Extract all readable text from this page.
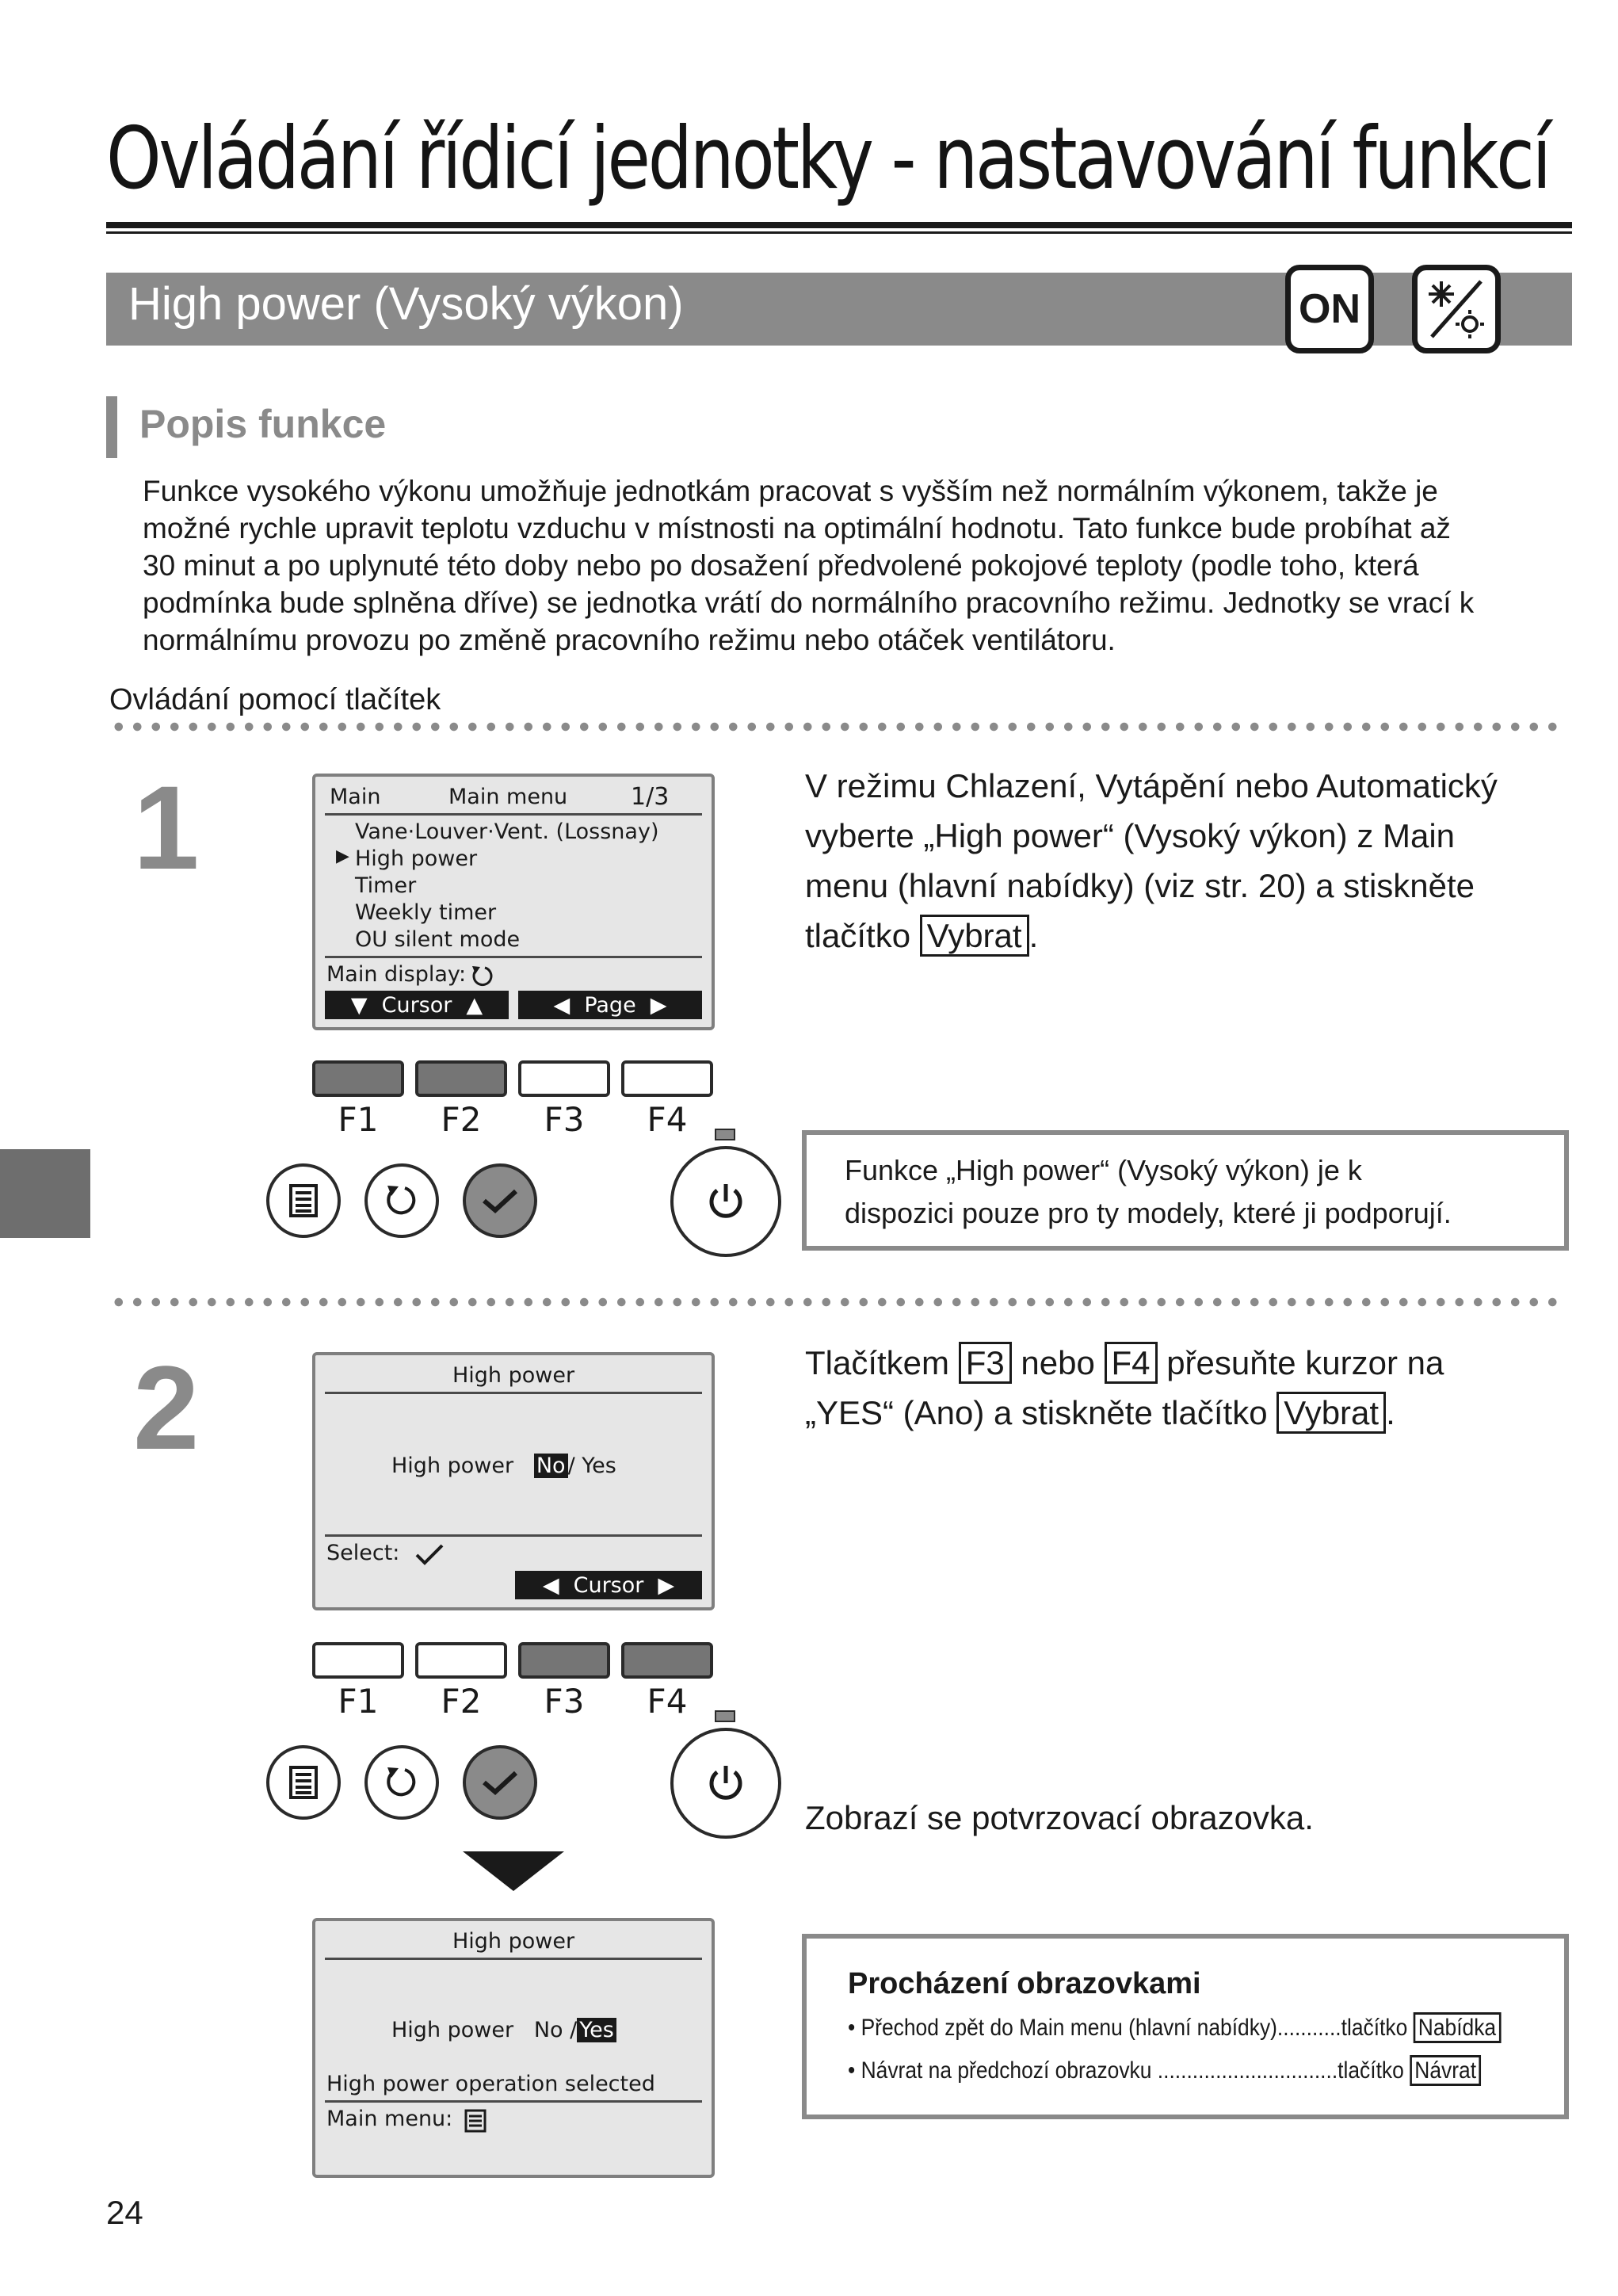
Ovládání řídicí jednotky - nastavování funkcí
High power (Vysoký výkon)	ON
Popis funkce

Funkce vysokého výkonu umožňuje jednotkám pracovat s vyšším než normálním výkonem, takže je

možné rychle upravit teplotu vzduchu v místnosti na optimální hodnotu. Tato funkce bude probíhat až

30 minut a po uplynuté této doby nebo po dosažení předvolené pokojové teploty (podle toho, která

podmínka bude splněna dříve) se jednotka vrátí do normálního pracovního režimu. Jednotky se vrací k

normálnímu provozu po změně pracovního režimu nebo otáček ventilátoru.

Ovládání pomocí tlačítek
1	Main	Main menu	1/3
Vane·Louver·Vent. (Lossnay)
▶ High power
Timer
Weekly timer
OU silent mode
Main display:
▼ Cursor ▲	◀ Page ▶
F1	F2	F3	F4
V režimu Chlazení, Vytápění nebo Automatický
vyberte „High power“ (Vysoký výkon) z Main
menu (hlavní nabídky) (viz str. 20) a stiskněte
tlačítko Vybrat .
Funkce „High power“ (Vysoký výkon) je k
dispozici pouze pro ty modely, které ji podporují.
2	High power
High power No / Yes
Select:
◀ Cursor ▶
F1	F2	F3	F4
High power
High power No / Yes
High power operation selected
Main menu:
Tlačítkem F3 nebo F4 přesuňte kurzor na
„YES“ (Ano) a stiskněte tlačítko Vybrat .
Zobrazí se potvrzovací obrazovka.
Procházení obrazovkami
• Přechod zpět do Main menu (hlavní nabídky)...........tlačítko Nabídka
• Návrat na předchozí obrazovku ...............................tlačítko Návrat
24
